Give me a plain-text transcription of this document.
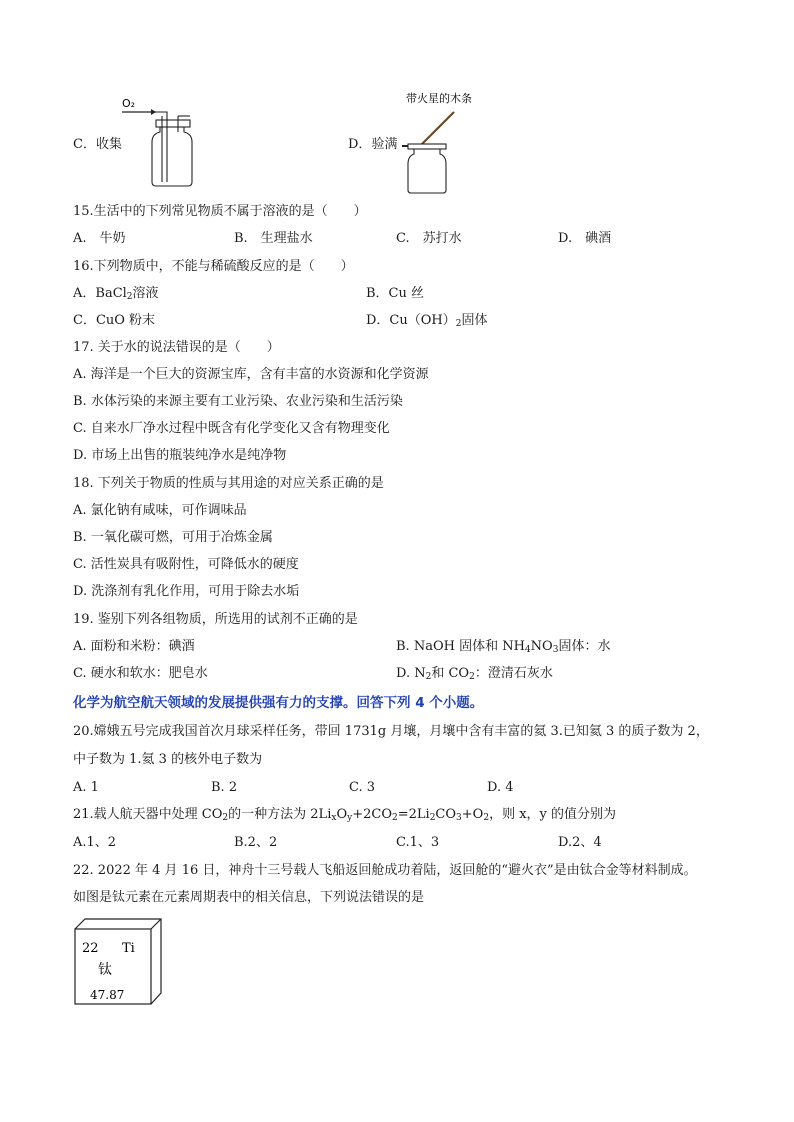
O₂	带火星的木条
C．收集	D．验满
15.生活中的下列常见物质不属于溶液的是（　　）
A.　牛奶	B.　生理盐水	C.　苏打水	D.　碘酒
16.下列物质中，不能与稀硫酸反应的是（　　）
A．BaCl$_2$溶液	B．Cu 丝
C．CuO 粉末	D．$Cu(OH)_2$固体
17. 关于水的说法错误的是（　　）
A. 海洋是一个巨大的资源宝库，含有丰富的水资源和化学资源
B. 水体污染的来源主要有工业污染、农业污染和生活污染
C. 自来水厂净水过程中既含有化学变化又含有物理变化
D. 市场上出售的瓶装纯净水是纯净物
18. 下列关于物质的性质与其用途的对应关系正确的是
A. 氯化钠有咸味，可作调味品
B. 一氧化碳可燃，可用于冶炼金属
C. 活性炭具有吸附性，可降低水的硬度
D. 洗涤剂有乳化作用，可用于除去水垢
19. 鉴别下列各组物质，所选用的试剂不正确的是
A. 面粉和米粉：碘酒	B. NaOH 固体和 $NH_4NO_3$固体：水
C. 硬水和软水：肥皂水	D. $N_2$和 $CO_2$：澄清石灰水
化学为航空航天领域的发展提供强有力的支撑。回答下列 4 个小题。
20.嫦娥五号完成我国首次月球采样任务，带回 1731g 月壤，月壤中含有丰富的氦 3.已知氦 3 的质子数为 2，
中子数为 1.氦 3 的核外电子数为
A. 1	B. 2	C. 3	D. 4
21.载人航天器中处理 $CO_2$的一种方法为 $2Li_xO_y+2CO_2=2Li_2CO_3+O_2$，则 x，y 的值分别为
A.1、2	B.2、2	C.1、3	D.2、4
22. 2022 年 4 月 16 日，神舟十三号载人飞船返回舱成功着陆，返回舱的“避火衣”是由钛合金等材料制成。
如图是钛元素在元素周期表中的相关信息，下列说法错误的是
22 Ti
钛
47.87
